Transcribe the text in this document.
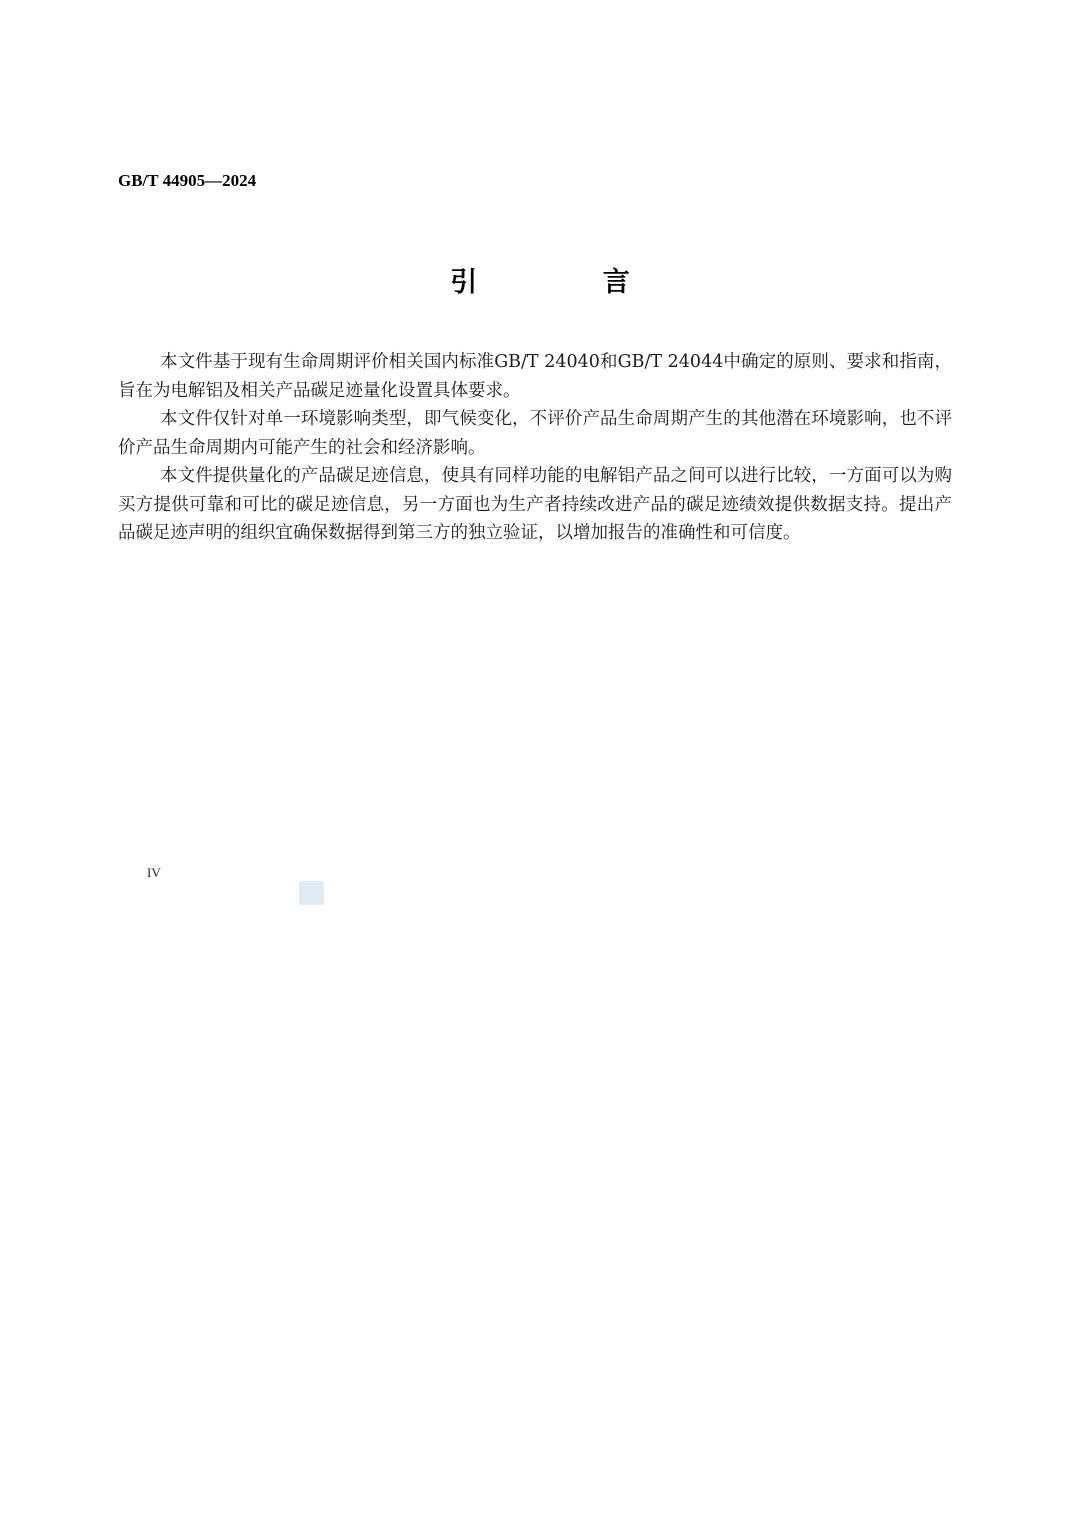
GB/T 44905—2024
引 言

本文件基于现有生命周期评价相关国内标准GB/T 24040和GB/T 24044中确定的原则、要求和指南，旨在为电解铝及相关产品碳足迹量化设置具体要求。

本文件仅针对单一环境影响类型，即气候变化，不评价产品生命周期产生的其他潜在环境影响，也不评价产品生命周期内可能产生的社会和经济影响。

本文件提供量化的产品碳足迹信息，使具有同样功能的电解铝产品之间可以进行比较，一方面可以为购买方提供可靠和可比的碳足迹信息，另一方面也为生产者持续改进产品的碳足迹绩效提供数据支持。提出产品碳足迹声明的组织宜确保数据得到第三方的独立验证，以增加报告的准确性和可信度。

IV
